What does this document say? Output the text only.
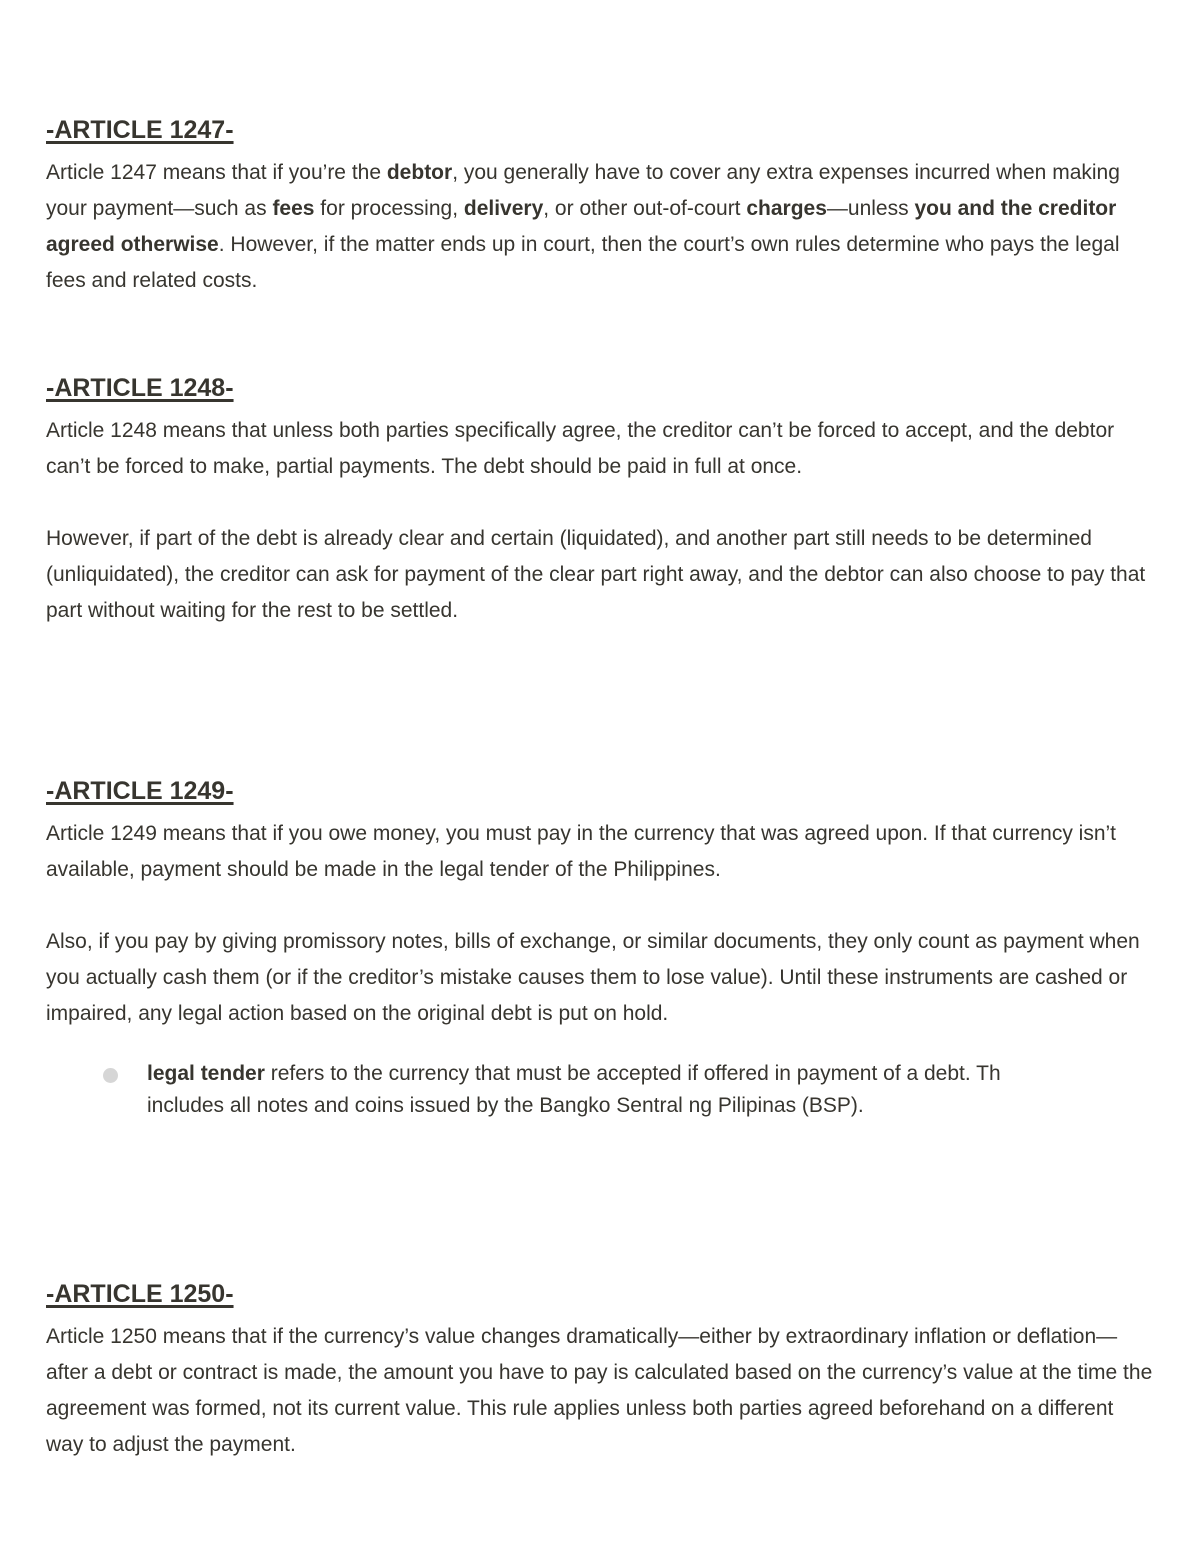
-ARTICLE 1247-

Article 1247 means that if you’re the debtor, you generally have to cover any extra expenses incurred when making your payment—such as fees for processing, delivery, or other out-of-court charges—unless you and the creditor agreed otherwise. However, if the matter ends up in court, then the court’s own rules determine who pays the legal fees and related costs.

-ARTICLE 1248-

Article 1248 means that unless both parties specifically agree, the creditor can’t be forced to accept, and the debtor can’t be forced to make, partial payments. The debt should be paid in full at once.

However, if part of the debt is already clear and certain (liquidated), and another part still needs to be determined (unliquidated), the creditor can ask for payment of the clear part right away, and the debtor can also choose to pay that part without waiting for the rest to be settled.

-ARTICLE 1249-

Article 1249 means that if you owe money, you must pay in the currency that was agreed upon. If that currency isn’t available, payment should be made in the legal tender of the Philippines.

Also, if you pay by giving promissory notes, bills of exchange, or similar documents, they only count as payment when you actually cash them (or if the creditor’s mistake causes them to lose value). Until these instruments are cashed or impaired, any legal action based on the original debt is put on hold.

legal tender refers to the currency that must be accepted if offered in payment of a debt. Th
includes all notes and coins issued by the Bangko Sentral ng Pilipinas (BSP).

-ARTICLE 1250-

Article 1250 means that if the currency’s value changes dramatically—either by extraordinary inflation or deflation—after a debt or contract is made, the amount you have to pay is calculated based on the currency’s value at the time the agreement was formed, not its current value. This rule applies unless both parties agreed beforehand on a different way to adjust the payment.
